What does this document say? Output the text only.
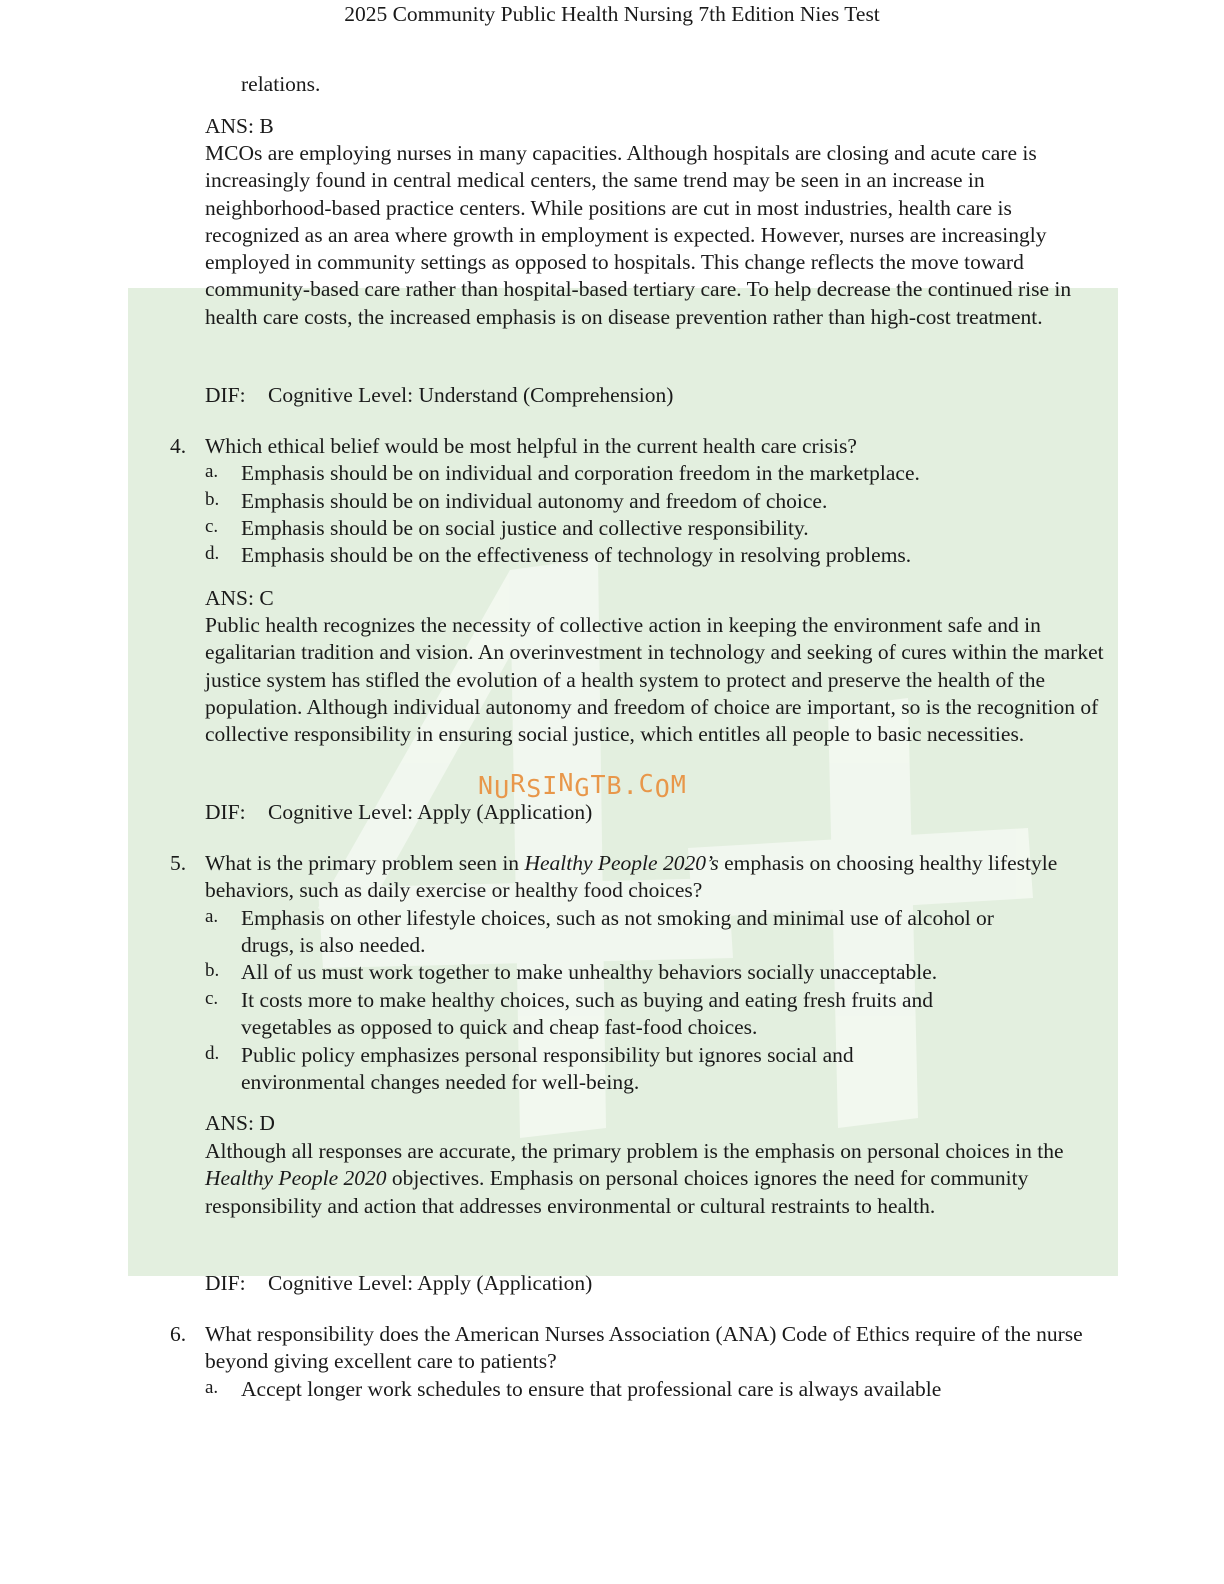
2025 Community Public Health Nursing 7th Edition Nies Test

relations.

ANS: B

MCOs are employing nurses in many capacities. Although hospitals are closing and acute care is increasingly found in central medical centers, the same trend may be seen in an increase in neighborhood-based practice centers. While positions are cut in most industries, health care is recognized as an area where growth in employment is expected. However, nurses are increasingly employed in community settings as opposed to hospitals. This change reflects the move toward community-based care rather than hospital-based tertiary care. To help decrease the continued rise in health care costs, the increased emphasis is on disease prevention rather than high-cost treatment.

DIF: Cognitive Level: Understand (Comprehension)

4. Which ethical belief would be most helpful in the current health care crisis?

a. Emphasis should be on individual and corporation freedom in the marketplace.
b. Emphasis should be on individual autonomy and freedom of choice.
c. Emphasis should be on social justice and collective responsibility.
d. Emphasis should be on the effectiveness of technology in resolving problems.

ANS: C

Public health recognizes the necessity of collective action in keeping the environment safe and in egalitarian tradition and vision. An overinvestment in technology and seeking of cures within the market justice system has stifled the evolution of a health system to protect and preserve the health of the population. Although individual autonomy and freedom of choice are important, so is the recognition of collective responsibility in ensuring social justice, which entitles all people to basic necessities.

NURSINGTB.COM

DIF: Cognitive Level: Apply (Application)

5. What is the primary problem seen in Healthy People 2020’s emphasis on choosing healthy lifestyle behaviors, such as daily exercise or healthy food choices?

a. Emphasis on other lifestyle choices, such as not smoking and minimal use of alcohol or drugs, is also needed.
b. All of us must work together to make unhealthy behaviors socially unacceptable.
c. It costs more to make healthy choices, such as buying and eating fresh fruits and vegetables as opposed to quick and cheap fast-food choices.
d. Public policy emphasizes personal responsibility but ignores social and environmental changes needed for well-being.

ANS: D

Although all responses are accurate, the primary problem is the emphasis on personal choices in the Healthy People 2020 objectives. Emphasis on personal choices ignores the need for community responsibility and action that addresses environmental or cultural restraints to health.

DIF: Cognitive Level: Apply (Application)

6. What responsibility does the American Nurses Association (ANA) Code of Ethics require of the nurse beyond giving excellent care to patients?

a. Accept longer work schedules to ensure that professional care is always available
